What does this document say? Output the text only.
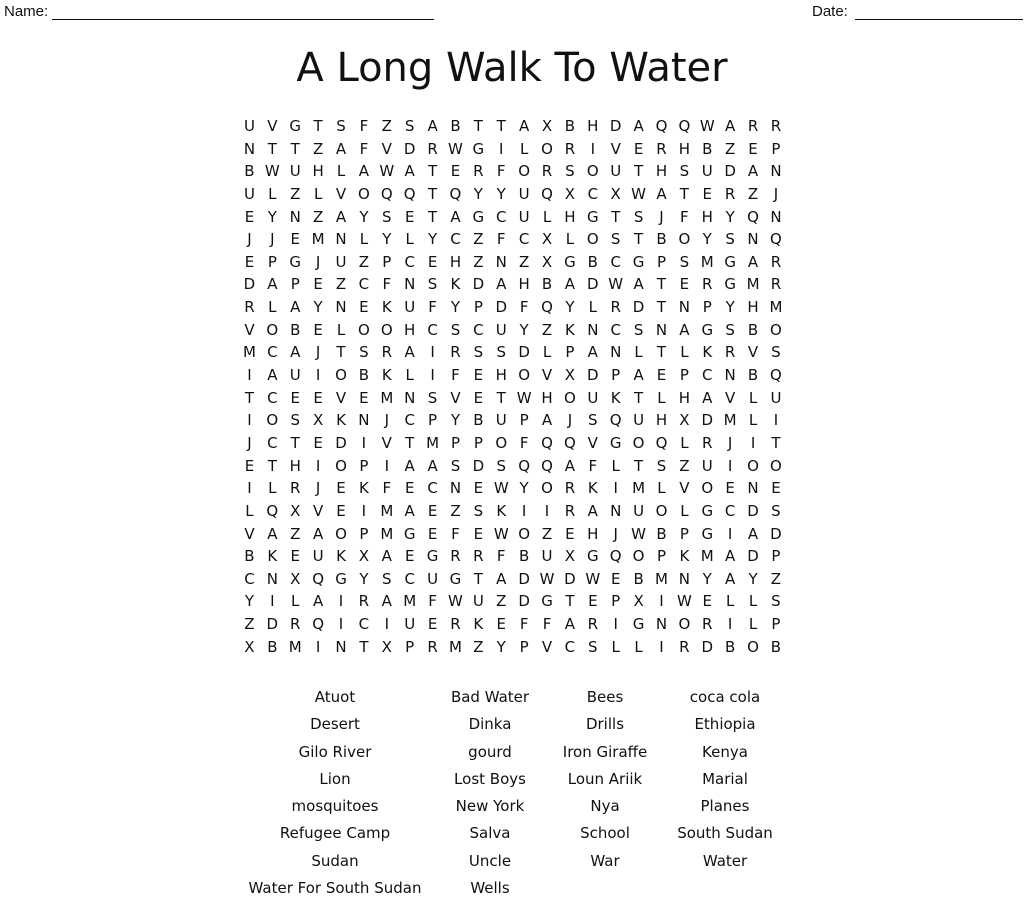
Name:	Date:
A Long Walk To Water
U V G T S F Z S A B T T A X B H D A Q Q W A R R
N T T Z A F V D R W G I	L O R	I	V E R H B Z E P
B W U H L A W A T E R F O R S O U T H S U D A N
U L Z L V O Q Q T Q Y Y U Q X C X W A T E R Z	J
E Y N Z A Y S E T A G C U L H G T S	J	F H Y Q N
J	J	E M N L Y L Y C Z F C X L O S T B O Y S N Q
E P G J	U Z P C E H Z N Z X G B C G P S M G A R
D A P E Z C F N S K D A H B A D W A T E R G M R
R L A Y N E K U F Y P D F Q Y L R D T N P Y H M
V O B E L O O H C S C U Y Z K N C S N A G S B O
M C A	J	T S R A	I	R S S D L P A N L T L K R V S
I	A U	I O B K L	I	F E H O V X D P A E P C N B Q
T C E E V E M N S V E T W H O U K T L H A V L U
I O S X K N	J	C P Y B U P A	J	S Q U H X D M L	I
J	C T E D I	V T M P P O F Q Q V G O Q L R	J	I	T
E T H	I O P	I	A A S D S Q Q A F L T S Z U	I O O
I	L R	J	E K F E C N E W Y O R K	I M L V O E N E
L Q X V E	I M A E Z S K	I	I	R A N U O L G C D S
V A Z A O P M G E F E W O Z E H	J W B P G I	A D
B K E U K X A E G R R F B U X G Q O P K M A D P
C N X Q G Y S C U G T A D W D W E B M N Y A Y Z
Y	I	L A	I	R A M F W U Z D G T E P X	I W E L L S
Z D R Q I	C	I	U E R K E F F A R	I G N O R	I	L P
X B M I	N T X P R M Z Y P V C S L L	I	R D B O B
Atuot
Desert
Gilo River
Lion
mosquitoes
Refugee Camp
Sudan
Water For South Sudan
Bad Water
Dinka
gourd
Lost Boys
New York
Salva
Uncle
Wells
Bees
Drills
Iron Giraffe
Loun Ariik
Nya
School
War
coca cola
Ethiopia
Kenya
Marial
Planes
South Sudan
Water
